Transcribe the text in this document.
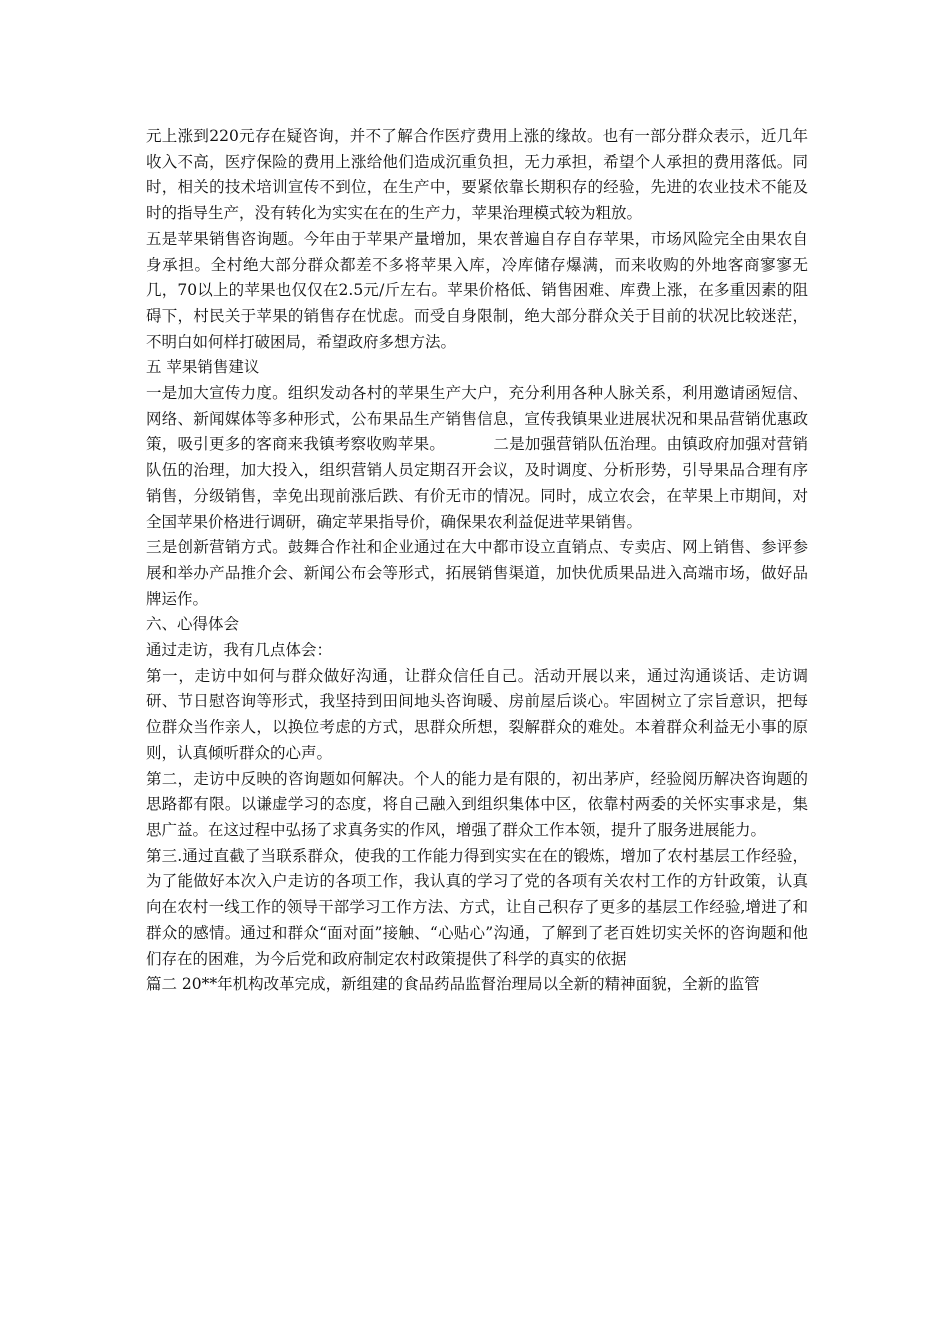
元上涨到220元存在疑咨询，并不了解合作医疗费用上涨的缘故。也有一部分群众表示，近几年收入不高，医疗保险的费用上涨给他们造成沉重负担，无力承担，希望个人承担的费用落低。同时，相关的技术培训宣传不到位，在生产中，要紧依靠长期积存的经验，先进的农业技术不能及时的指导生产，没有转化为实实在在的生产力，苹果治理模式较为粗放。

五是苹果销售咨询题。今年由于苹果产量增加，果农普遍自存自存苹果，市场风险完全由果农自身承担。全村绝大部分群众都差不多将苹果入库，冷库储存爆满，而来收购的外地客商寥寥无几，70以上的苹果也仅仅在2.5元/斤左右。苹果价格低、销售困难、库费上涨，在多重因素的阻碍下，村民关于苹果的销售存在忧虑。而受自身限制，绝大部分群众关于目前的状况比较迷茫，不明白如何样打破困局，希望政府多想方法。

五 苹果销售建议

一是加大宣传力度。组织发动各村的苹果生产大户，充分利用各种人脉关系，利用邀请函短信、网络、新闻媒体等多种形式，公布果品生产销售信息，宣传我镇果业进展状况和果品营销优惠政策，吸引更多的客商来我镇考察收购苹果。	二是加强营销队伍治理。由镇政府加强对营销队伍的治理，加大投入，组织营销人员定期召开会议，及时调度、分析形势，引导果品合理有序销售，分级销售，幸免出现前涨后跌、有价无市的情况。同时，成立农会，在苹果上市期间，对全国苹果价格进行调研，确定苹果指导价，确保果农利益促进苹果销售。

三是创新营销方式。鼓舞合作社和企业通过在大中都市设立直销点、专卖店、网上销售、参评参展和举办产品推介会、新闻公布会等形式，拓展销售渠道，加快优质果品进入高端市场，做好品牌运作。

六、心得体会

通过走访，我有几点体会：

第一，走访中如何与群众做好沟通，让群众信任自己。活动开展以来，通过沟通谈话、走访调研、节日慰咨询等形式，我坚持到田间地头咨询暖、房前屋后谈心。牢固树立了宗旨意识，把每位群众当作亲人，以换位考虑的方式，思群众所想，裂解群众的难处。本着群众利益无小事的原则，认真倾听群众的心声。

第二，走访中反映的咨询题如何解决。个人的能力是有限的，初出茅庐，经验阅历解决咨询题的思路都有限。以谦虚学习的态度，将自己融入到组织集体中区，依靠村两委的关怀实事求是，集思广益。在这过程中弘扬了求真务实的作风，增强了群众工作本领，提升了服务进展能力。

第三.通过直截了当联系群众，使我的工作能力得到实实在在的锻炼，增加了农村基层工作经验，为了能做好本次入户走访的各项工作，我认真的学习了党的各项有关农村工作的方针政策，认真向在农村一线工作的领导干部学习工作方法、方式，让自己积存了更多的基层工作经验,增进了和群众的感情。通过和群众“面对面”接触、“心贴心”沟通，了解到了老百姓切实关怀的咨询题和他们存在的困难，为今后党和政府制定农村政策提供了科学的真实的依据

篇二 20**年机构改革完成，新组建的食品药品监督治理局以全新的精神面貌，全新的监管
